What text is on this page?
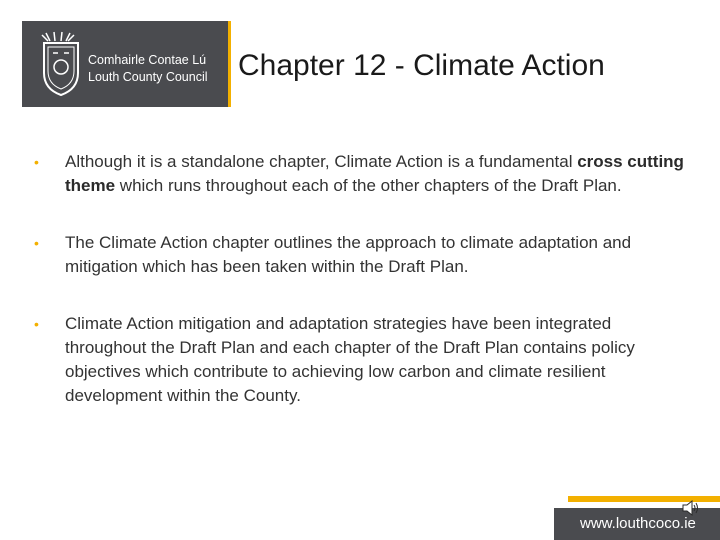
Comhairle Contae Lú
Louth County Council Chapter 12 - Climate Action
• Although it is a standalone chapter, Climate Action is a fundamental cross cutting theme which runs throughout each of the other chapters of the Draft Plan.
• The Climate Action chapter outlines the approach to climate adaptation and mitigation which has been taken within the Draft Plan.
• Climate Action mitigation and adaptation strategies have been integrated throughout the Draft Plan and each chapter of the Draft Plan contains policy objectives which contribute to achieving low carbon and climate resilient development within the County.
www.louthcoco.ie
